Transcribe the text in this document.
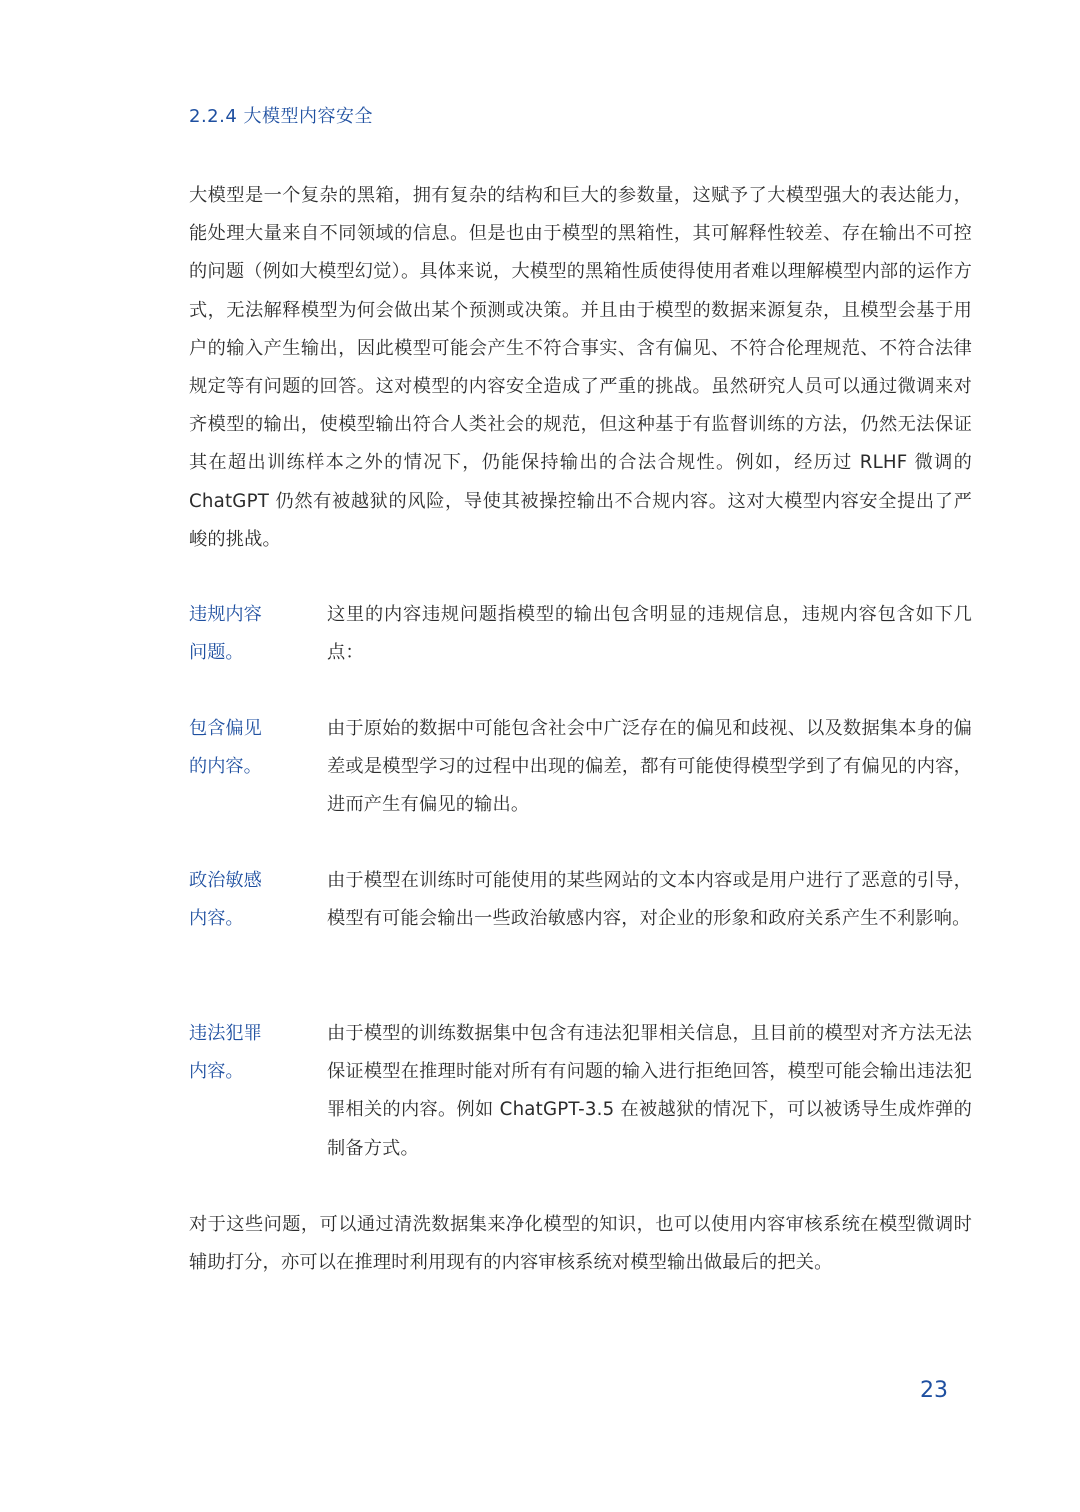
2.2.4 大模型内容安全
大模型是一个复杂的黑箱，拥有复杂的结构和巨大的参数量，这赋予了大模型强大的表达能力，能处理大量来自不同领域的信息。但是也由于模型的黑箱性，其可解释性较差、存在输出不可控的问题（例如大模型幻觉）。具体来说，大模型的黑箱性质使得使用者难以理解模型内部的运作方式，无法解释模型为何会做出某个预测或决策。并且由于模型的数据来源复杂，且模型会基于用户的输入产生输出，因此模型可能会产生不符合事实、含有偏见、不符合伦理规范、不符合法律规定等有问题的回答。这对模型的内容安全造成了严重的挑战。虽然研究人员可以通过微调来对齐模型的输出，使模型输出符合人类社会的规范，但这种基于有监督训练的方法，仍然无法保证其在超出训练样本之外的情况下，仍能保持输出的合法合规性。例如，经历过 RLHF 微调的 ChatGPT 仍然有被越狱的风险，导使其被操控输出不合规内容。这对大模型内容安全提出了严峻的挑战。
违规内容问题。
这里的内容违规问题指模型的输出包含明显的违规信息，违规内容包含如下几点：
包含偏见的内容。
由于原始的数据中可能包含社会中广泛存在的偏见和歧视、以及数据集本身的偏差或是模型学习的过程中出现的偏差，都有可能使得模型学到了有偏见的内容，进而产生有偏见的输出。
政治敏感内容。
由于模型在训练时可能使用的某些网站的文本内容或是用户进行了恶意的引导，模型有可能会输出一些政治敏感内容，对企业的形象和政府关系产生不利影响。
违法犯罪内容。
由于模型的训练数据集中包含有违法犯罪相关信息，且目前的模型对齐方法无法保证模型在推理时能对所有有问题的输入进行拒绝回答，模型可能会输出违法犯罪相关的内容。例如 ChatGPT-3.5 在被越狱的情况下，可以被诱导生成炸弹的制备方式。
对于这些问题，可以通过清洗数据集来净化模型的知识，也可以使用内容审核系统在模型微调时辅助打分，亦可以在推理时利用现有的内容审核系统对模型输出做最后的把关。
23
